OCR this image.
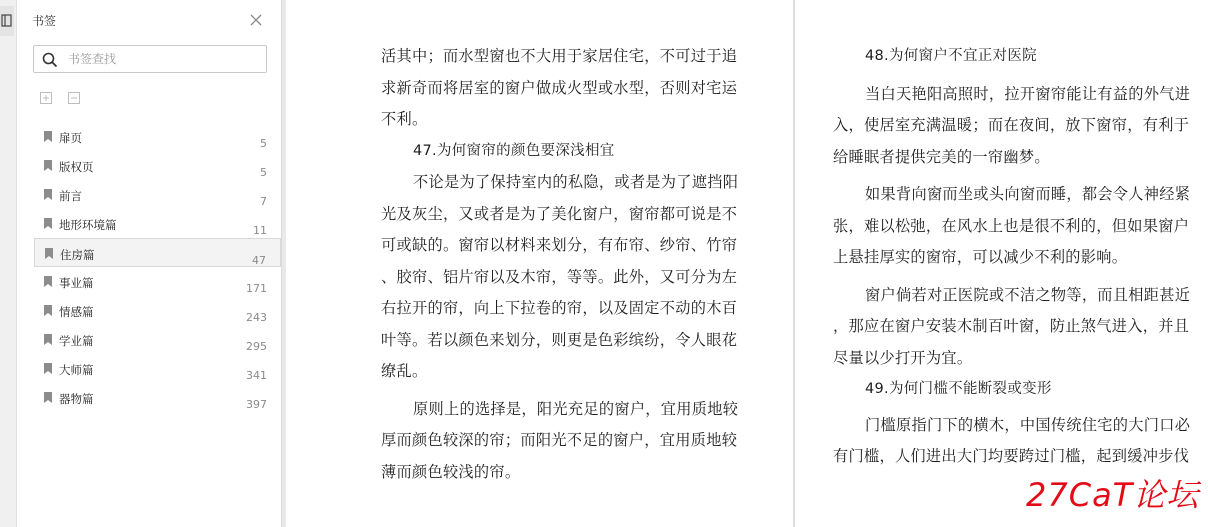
书签
书签查找
扉页	5
版权页	5
前言	7
地形环境篇	11
住房篇	47
事业篇	171
情感篇	243
学业篇	295
大师篇	341
器物篇	397
活其中；而水型窗也不大用于家居住宅，不可过于追
求新奇而将居室的窗户做成火型或水型，否则对宅运
不利。
47.为何窗帘的颜色要深浅相宜
不论是为了保持室内的私隐，或者是为了遮挡阳
光及灰尘，又或者是为了美化窗户，窗帘都可说是不
可或缺的。窗帘以材料来划分，有布帘、纱帘、竹帘
、胶帘、铝片帘以及木帘，等等。此外，又可分为左
右拉开的帘，向上下拉卷的帘，以及固定不动的木百
叶等。若以颜色来划分，则更是色彩缤纷，令人眼花
缭乱。
原则上的选择是，阳光充足的窗户，宜用质地较
厚而颜色较深的帘；而阳光不足的窗户，宜用质地较
薄而颜色较浅的帘。
48.为何窗户不宜正对医院
当白天艳阳高照时，拉开窗帘能让有益的外气进
入，使居室充满温暖；而在夜间，放下窗帘，有利于
给睡眠者提供完美的一帘幽梦。
如果背向窗而坐或头向窗而睡，都会令人神经紧
张，难以松弛，在风水上也是很不利的，但如果窗户
上悬挂厚实的窗帘，可以减少不利的影响。
窗户倘若对正医院或不洁之物等，而且相距甚近
，那应在窗户安装木制百叶窗，防止煞气进入，并且
尽量以少打开为宜。
49.为何门槛不能断裂或变形
门槛原指门下的横木，中国传统住宅的大门口必
有门槛，人们进出大门均要跨过门槛，起到缓冲步伐
27CaT论坛
